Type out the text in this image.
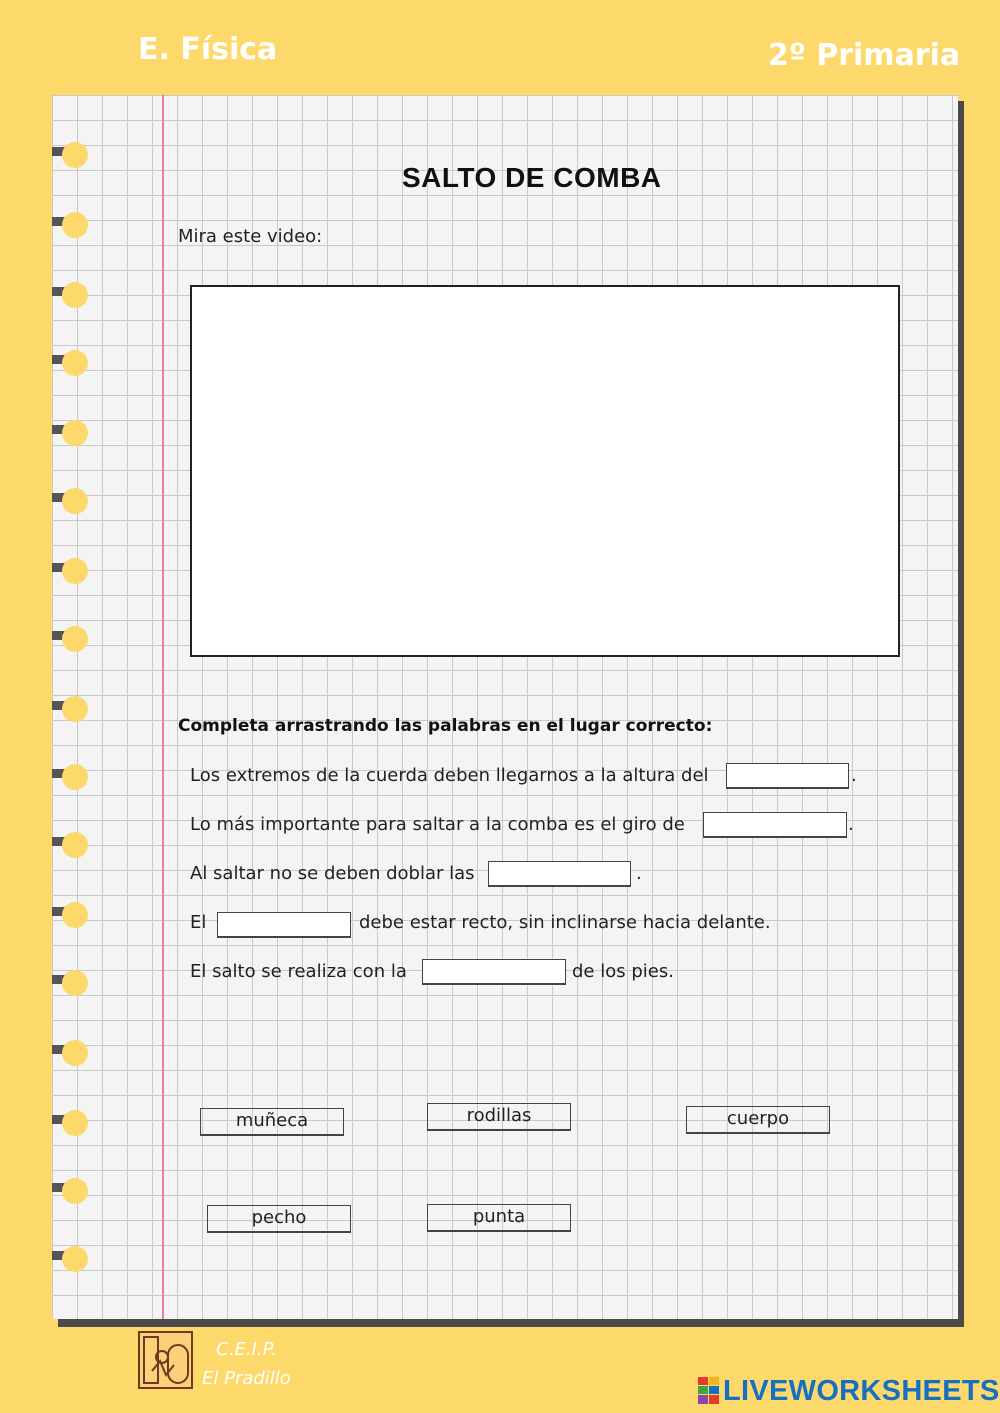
E. Física	2º Primaria
SALTO DE COMBA
Mira este video:
Completa arrastrando las palabras en el lugar correcto:
Los extremos de la cuerda deben llegarnos a la altura del	.
Lo más importante para saltar a la comba es el giro de	.
Al saltar no se deben doblar las	.
El	debe estar recto, sin inclinarse hacia delante.
El salto se realiza con la	de los pies.
muñeca	rodillas	cuerpo
pecho	punta
C.E.I.P.
El Pradillo	LIVEWORKSHEETS
